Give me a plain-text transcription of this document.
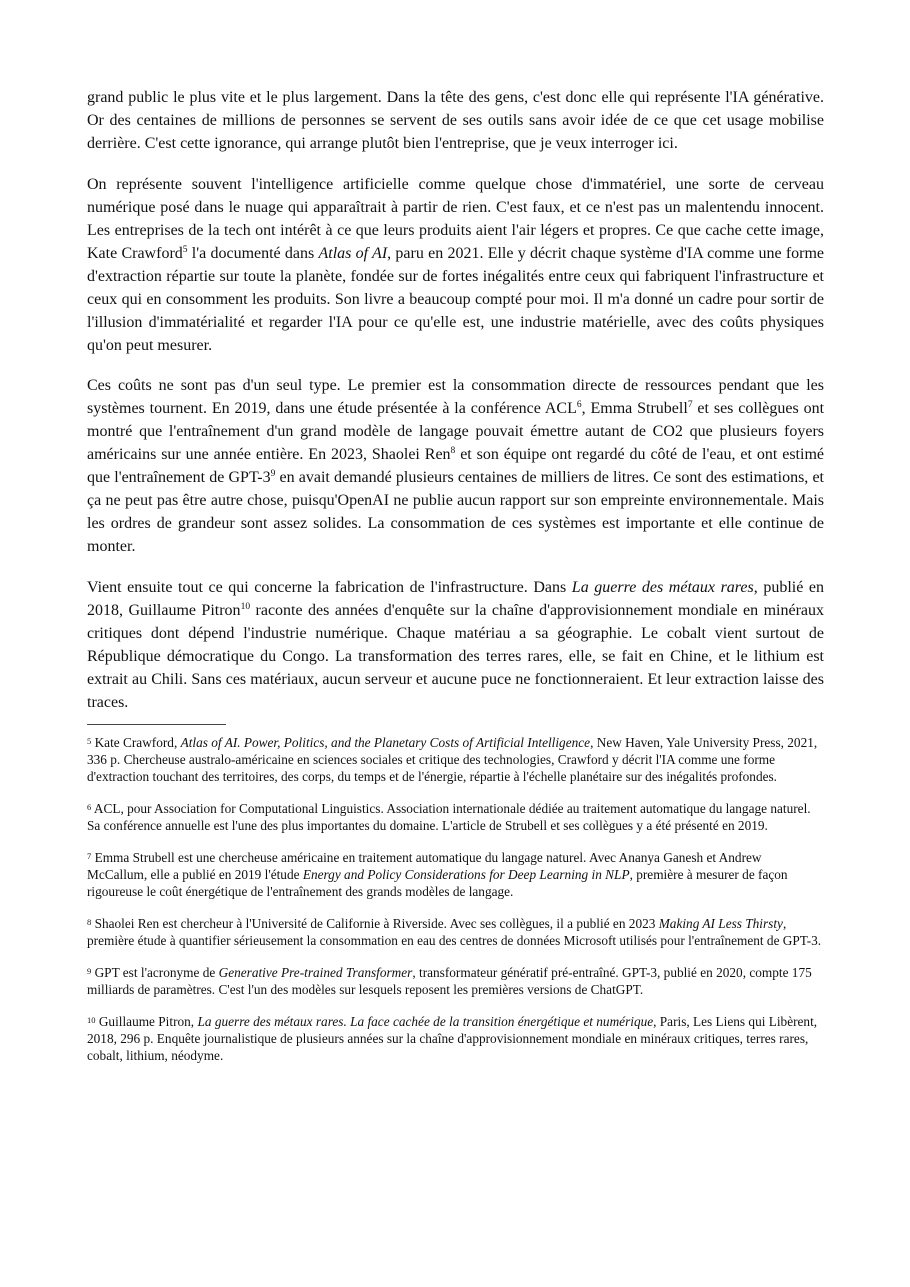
grand public le plus vite et le plus largement. Dans la tête des gens, c'est donc elle qui représente l'IA générative. Or des centaines de millions de personnes se servent de ses outils sans avoir idée de ce que cet usage mobilise derrière. C'est cette ignorance, qui arrange plutôt bien l'entreprise, que je veux interroger ici.

On représente souvent l'intelligence artificielle comme quelque chose d'immatériel, une sorte de cerveau numérique posé dans le nuage qui apparaîtrait à partir de rien. C'est faux, et ce n'est pas un malentendu innocent. Les entreprises de la tech ont intérêt à ce que leurs produits aient l'air légers et propres. Ce que cache cette image, Kate Crawford$^5$ l'a documenté dans Atlas of AI, paru en 2021. Elle y décrit chaque système d'IA comme une forme d'extraction répartie sur toute la planète, fondée sur de fortes inégalités entre ceux qui fabriquent l'infrastructure et ceux qui en consomment les produits. Son livre a beaucoup compté pour moi. Il m'a donné un cadre pour sortir de l'illusion d'immatérialité et regarder l'IA pour ce qu'elle est, une industrie matérielle, avec des coûts physiques qu'on peut mesurer.

Ces coûts ne sont pas d'un seul type. Le premier est la consommation directe de ressources pendant que les systèmes tournent. En 2019, dans une étude présentée à la conférence ACL$^6$, Emma Strubell$^7$ et ses collègues ont montré que l'entraînement d'un grand modèle de langage pouvait émettre autant de CO2 que plusieurs foyers américains sur une année entière. En 2023, Shaolei Ren$^8$ et son équipe ont regardé du côté de l'eau, et ont estimé que l'entraînement de GPT-$3^9$ en avait demandé plusieurs centaines de milliers de litres. Ce sont des estimations, et ça ne peut pas être autre chose, puisqu'OpenAI ne publie aucun rapport sur son empreinte environnementale. Mais les ordres de grandeur sont assez solides. La consommation de ces systèmes est importante et elle continue de monter.

Vient ensuite tout ce qui concerne la fabrication de l'infrastructure. Dans La guerre des métaux rares, publié en 2018, Guillaume Pitron$^{10}$ raconte des années d'enquête sur la chaîne d'approvisionnement mondiale en minéraux critiques dont dépend l'industrie numérique. Chaque matériau a sa géographie. Le cobalt vient surtout de République démocratique du Congo. La transformation des terres rares, elle, se fait en Chine, et le lithium est extrait au Chili. Sans ces matériaux, aucun serveur et aucune puce ne fonctionneraient. Et leur extraction laisse des traces.

$^5$ Kate Crawford, Atlas of AI. Power, Politics, and the Planetary Costs of Artificial Intelligence, New Haven, Yale University Press, 2021, 336 p. Chercheuse australo-américaine en sciences sociales et critique des technologies, Crawford y décrit l'IA comme une forme d'extraction touchant des territoires, des corps, du temps et de l'énergie, répartie à l'échelle planétaire sur des inégalités profondes.

$^6$ ACL, pour Association for Computational Linguistics. Association internationale dédiée au traitement automatique du langage naturel. Sa conférence annuelle est l'une des plus importantes du domaine. L'article de Strubell et ses collègues y a été présenté en 2019.

$^7$ Emma Strubell est une chercheuse américaine en traitement automatique du langage naturel. Avec Ananya Ganesh et Andrew McCallum, elle a publié en 2019 l'étude Energy and Policy Considerations for Deep Learning in NLP, première à mesurer de façon rigoureuse le coût énergétique de l'entraînement des grands modèles de langage.

$^8$ Shaolei Ren est chercheur à l'Université de Californie à Riverside. Avec ses collègues, il a publié en 2023 Making AI Less Thirsty, première étude à quantifier sérieusement la consommation en eau des centres de données Microsoft utilisés pour l'entraînement de GPT-3.

$^9$ GPT est l'acronyme de Generative Pre-trained Transformer, transformateur génératif pré-entraîné. GPT-3, publié en 2020, compte 175 milliards de paramètres. C'est l'un des modèles sur lesquels reposent les premières versions de ChatGPT.

$^{10}$ Guillaume Pitron, La guerre des métaux rares. La face cachée de la transition énergétique et numérique, Paris, Les Liens qui Libèrent, 2018, 296 p. Enquête journalistique de plusieurs années sur la chaîne d'approvisionnement mondiale en minéraux critiques, terres rares, cobalt, lithium, néodyme.
